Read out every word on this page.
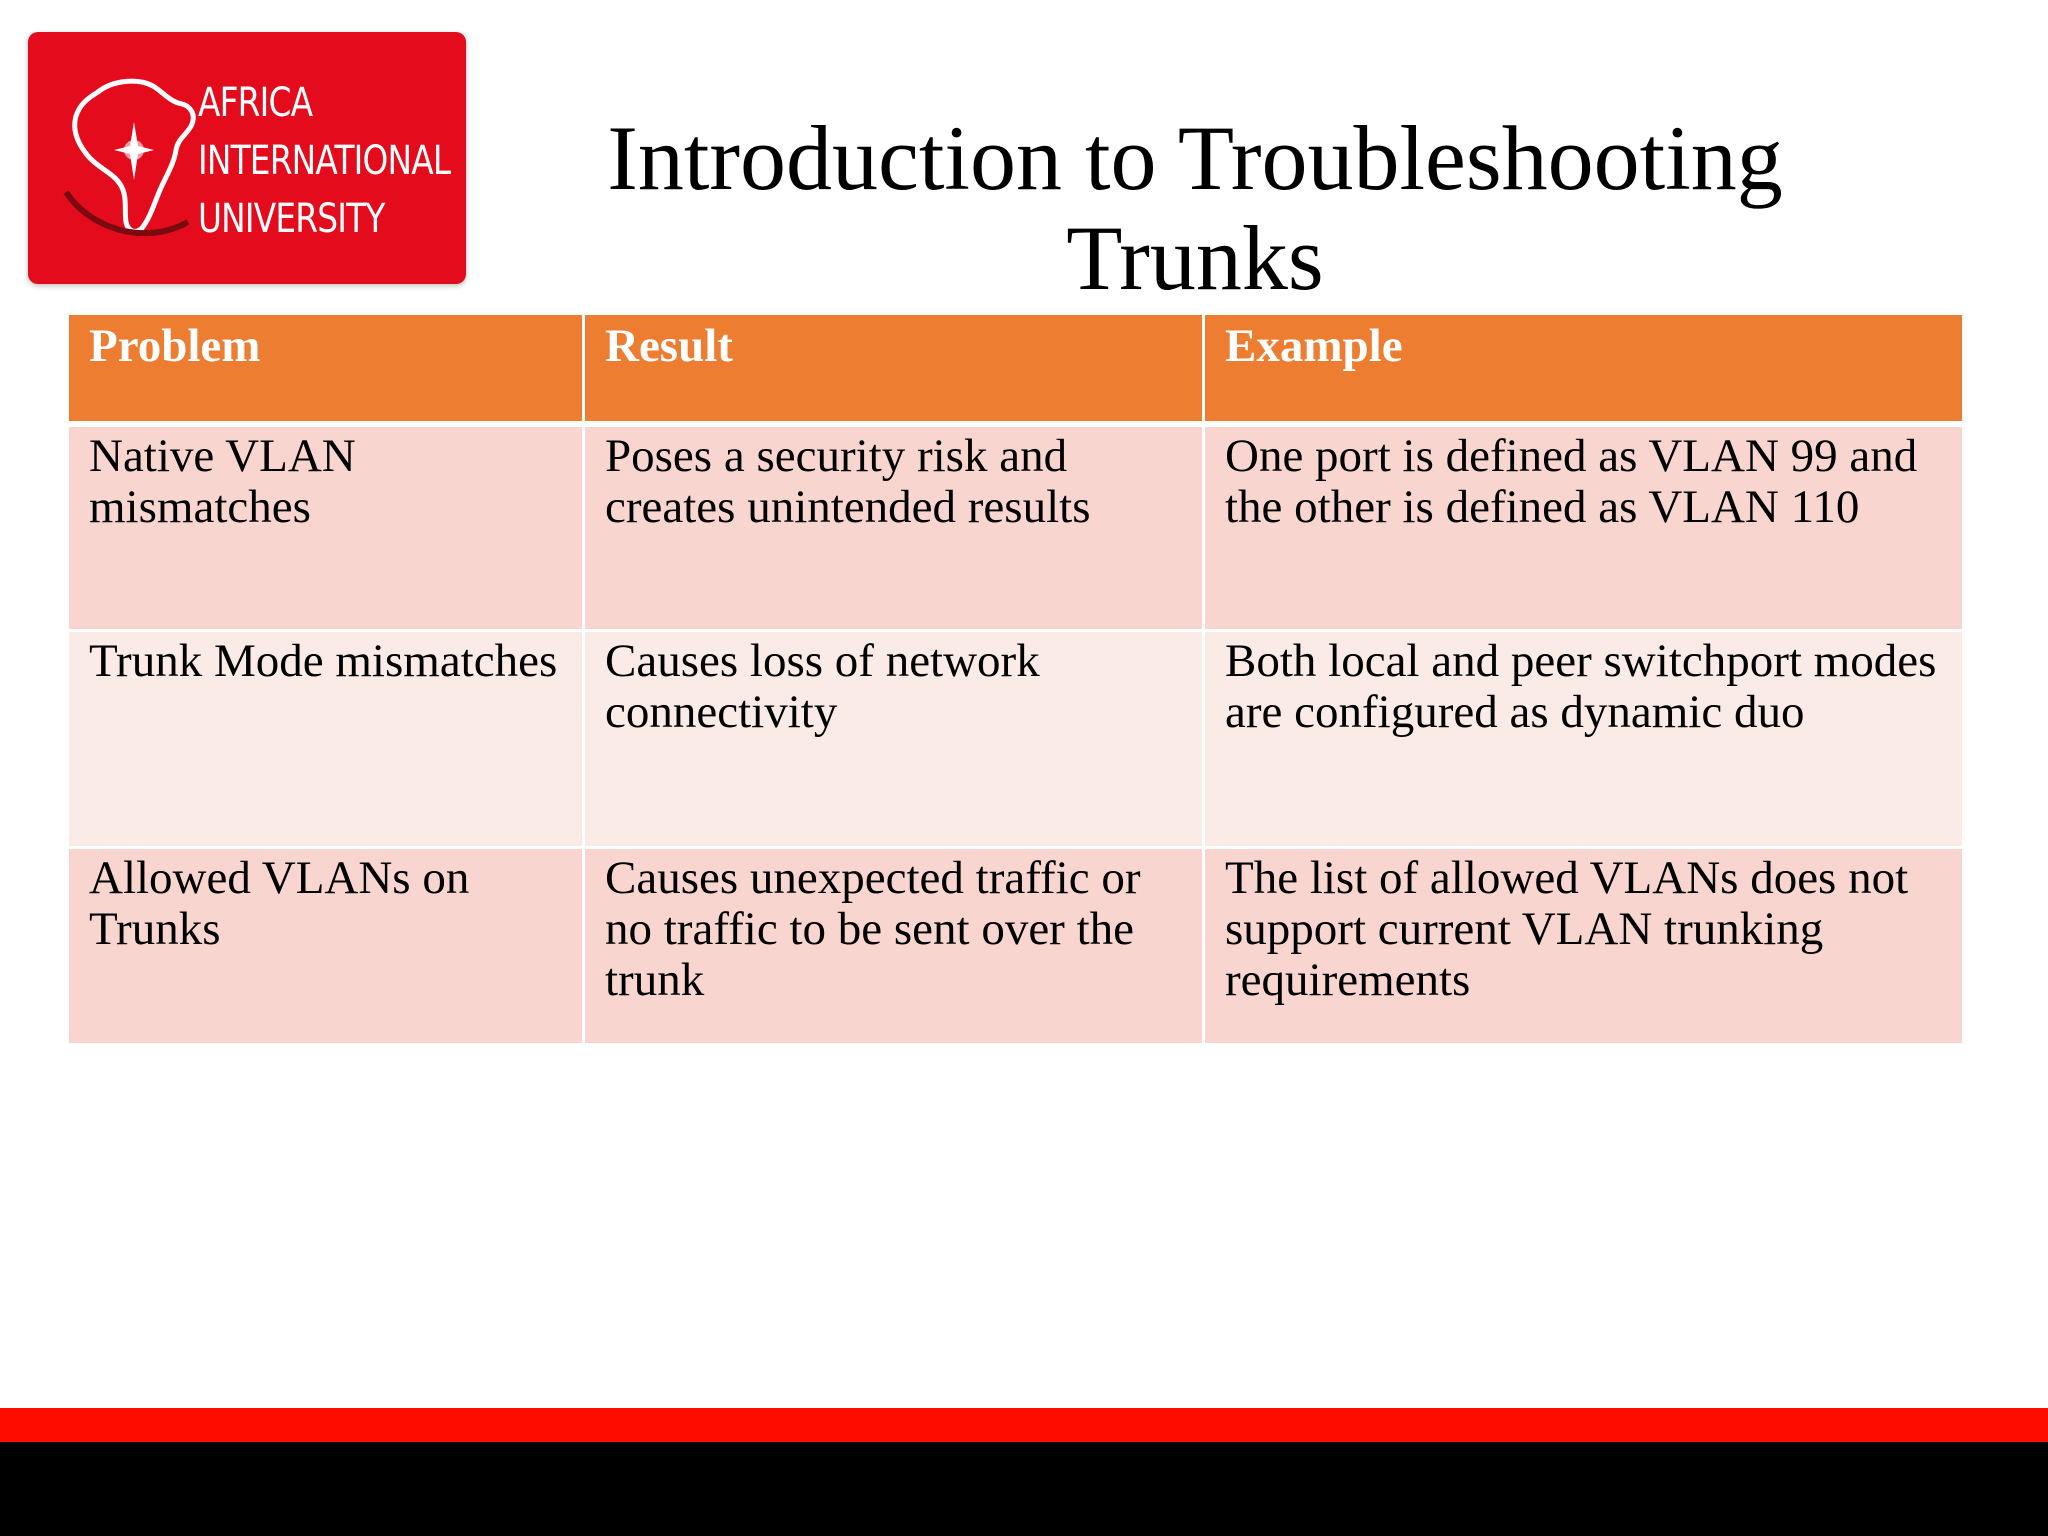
AFRICA
INTERNATIONAL
UNIVERSITY
Introduction to Troubleshooting
Trunks
Problem	Result	Example
Native VLAN mismatches	Poses a security risk and creates unintended results	One port is defined as VLAN 99 and the other is defined as VLAN 110
Trunk Mode mismatches	Causes loss of network connectivity	Both local and peer switchport modes are configured as dynamic duo
Allowed VLANs on Trunks	Causes unexpected traffic or no traffic to be sent over the trunk	The list of allowed VLANs does not support current VLAN trunking requirements
